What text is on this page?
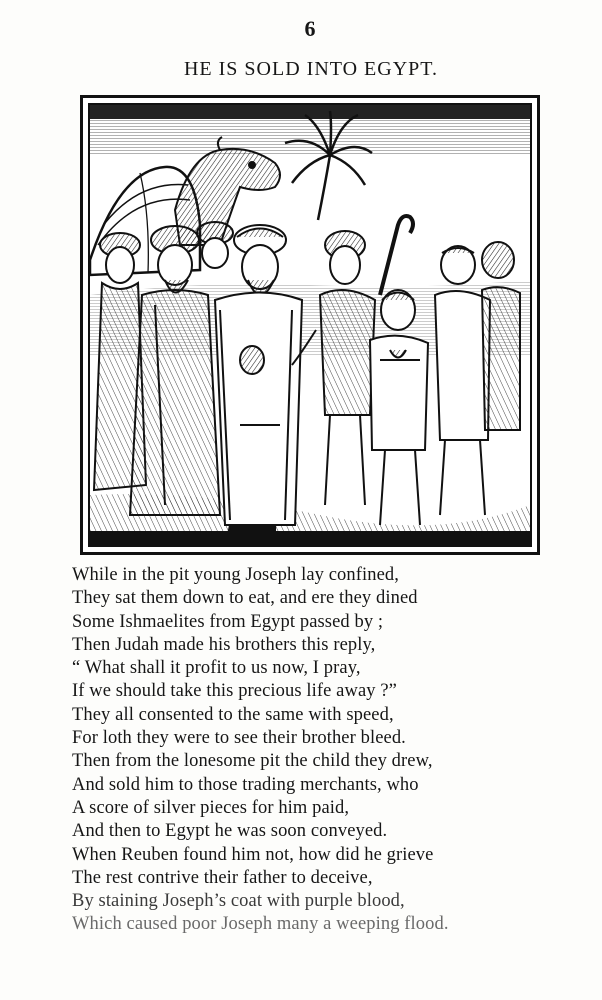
6
HE IS SOLD INTO EGYPT.
While in the pit young Joseph lay confined,
They sat them down to eat, and ere they dined
Some Ishmaelites from Egypt passed by ;
Then Judah made his brothers this reply,
“ What shall it profit to us now, I pray,
If we should take this precious life away ?”
They all consented to the same with speed,
For loth they were to see their brother bleed.
Then from the lonesome pit the child they drew,
And sold him to those trading merchants, who
A score of silver pieces for him paid,
And then to Egypt he was soon conveyed.
When Reuben found him not, how did he grieve
The rest contrive their father to deceive,
By staining Joseph’s coat with purple blood,
Which caused poor Joseph many a weeping flood.
